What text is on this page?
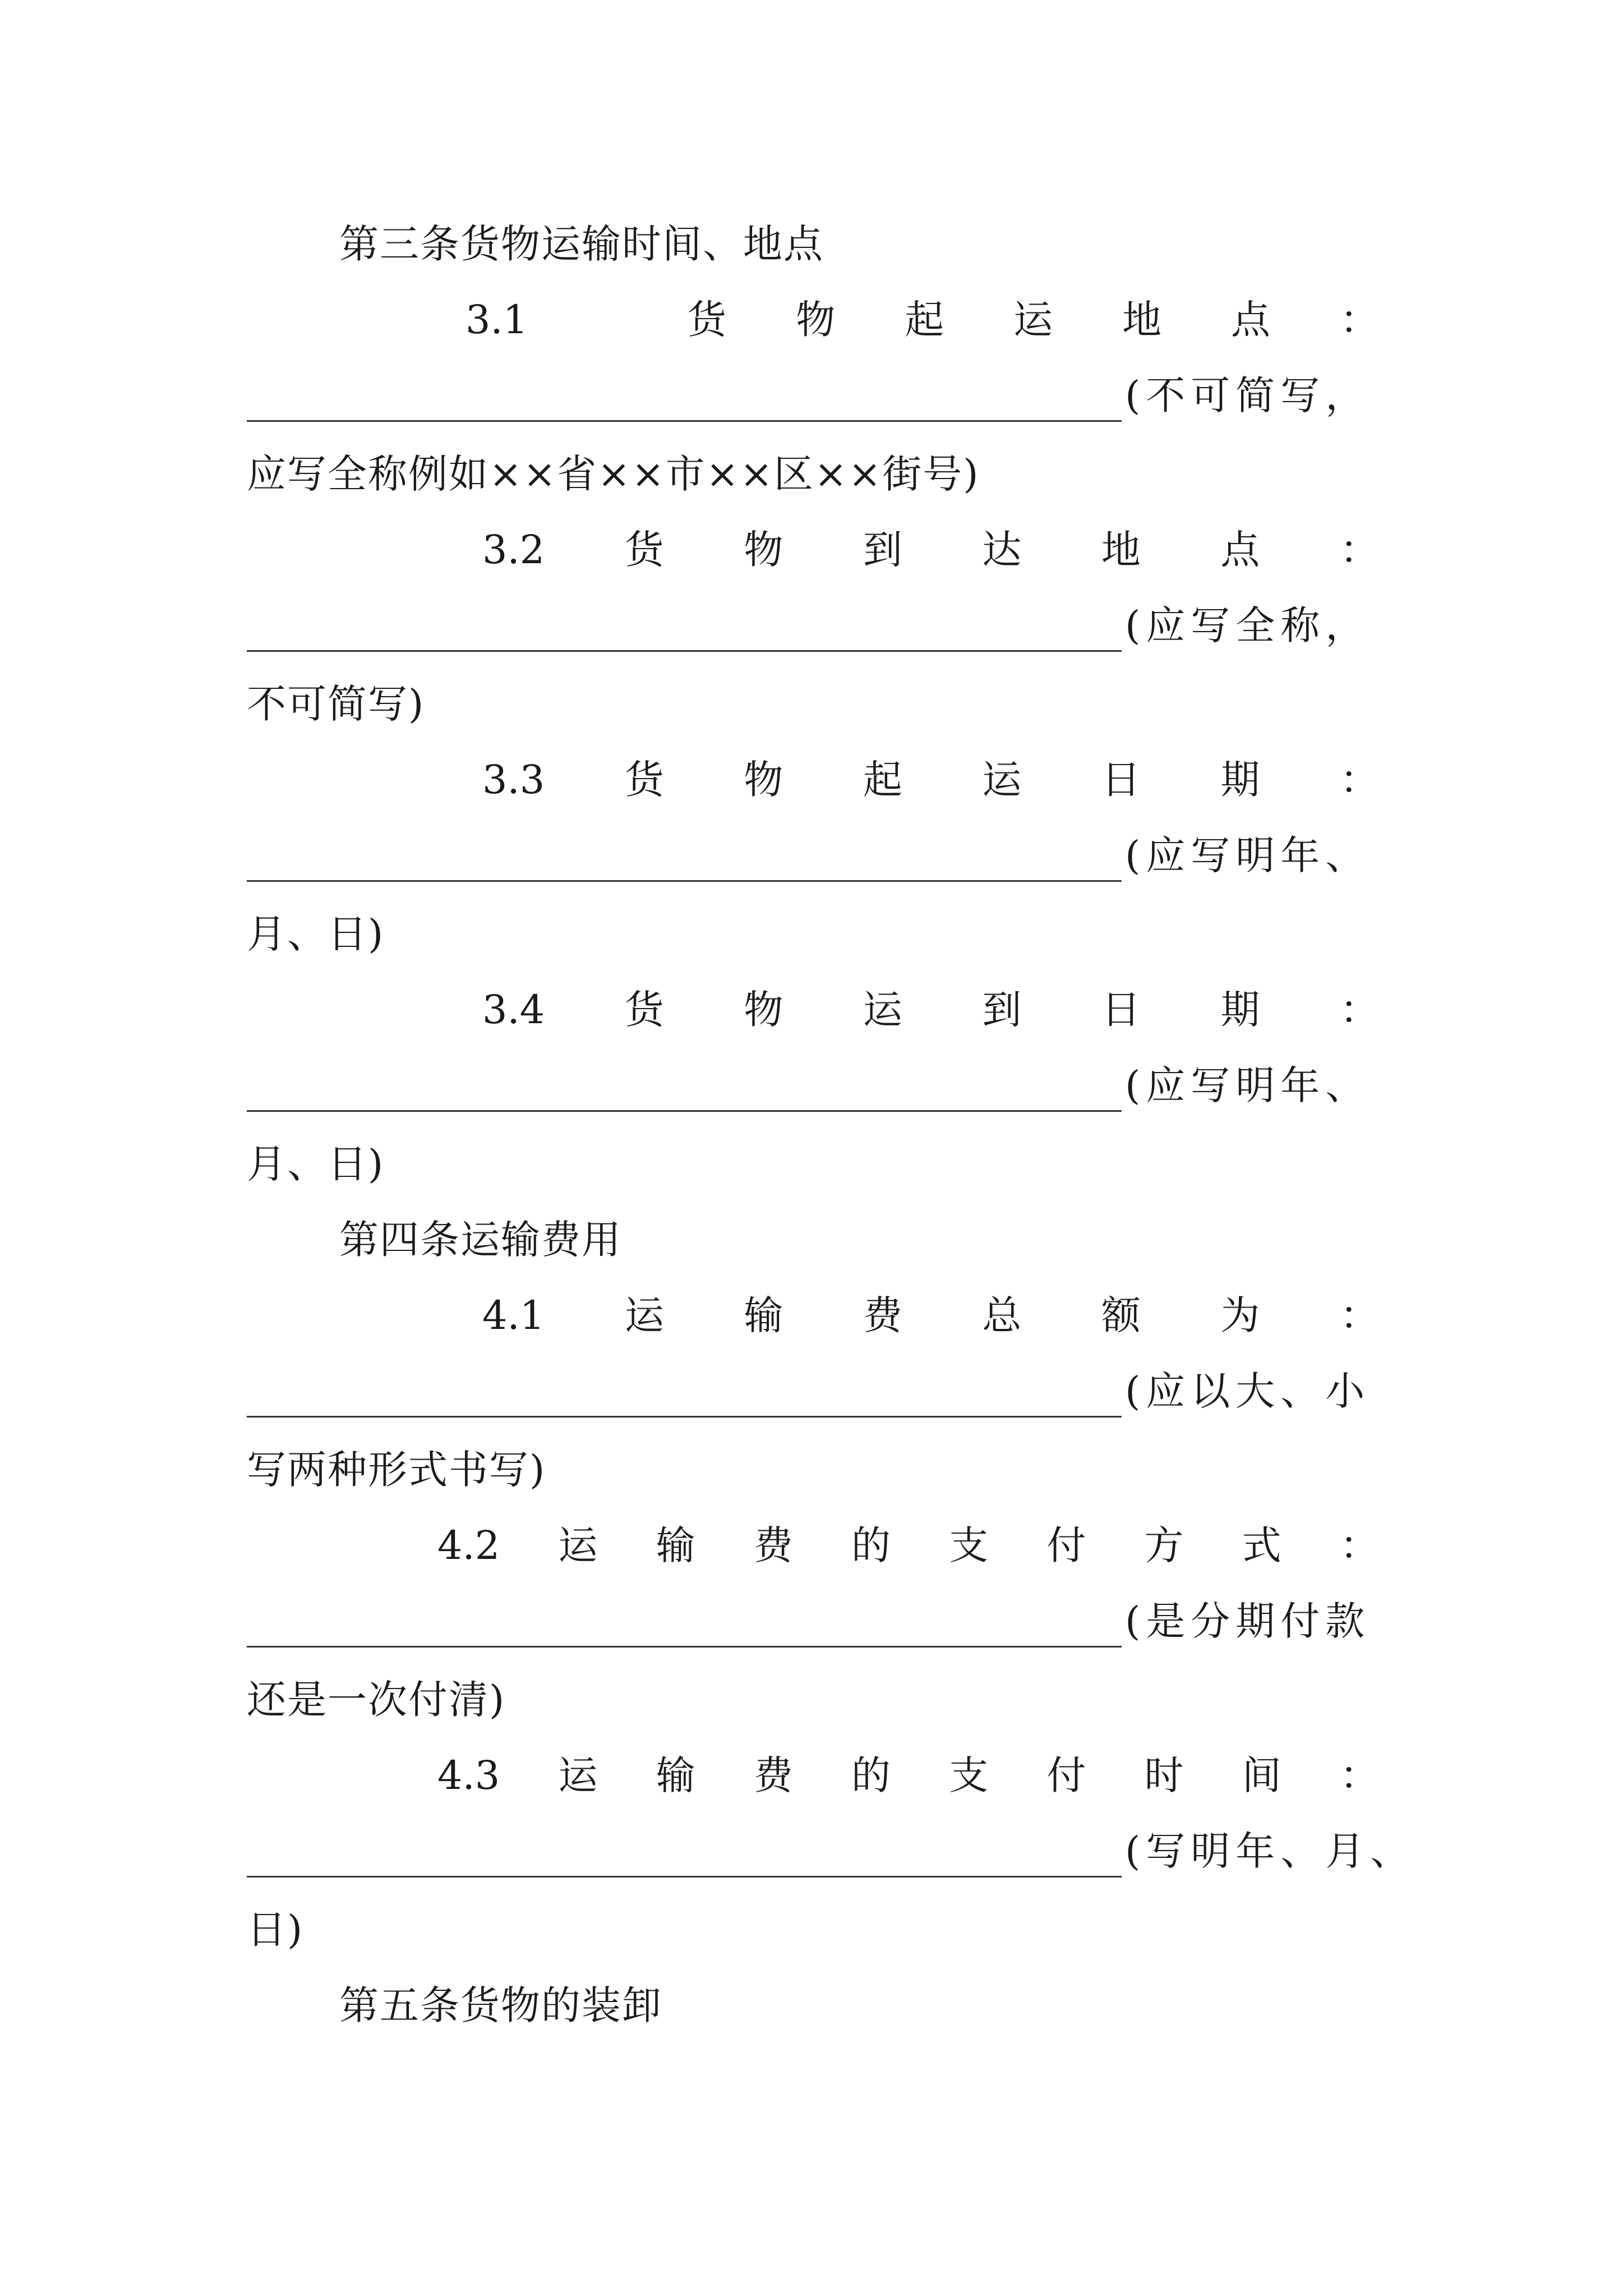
第三条货物运输时间、地点
3.1	货 物 起 运 地 点 ：
(不可简写，
应写全称例如××省××市××区××街号)
3.2 货 物 到 达 地 点 ：
(应写全称，
不可简写)
3.3 货 物 起 运 日 期 ：
(应写明年、
月、日)
3.4 货 物 运 到 日 期 ：
(应写明年、
月、日)
第四条运输费用
4.1 运 输 费 总 额 为 ：
(应以大、小
写两种形式书写)
4.2 运 输 费 的 支 付 方 式 ：
(是分期付款
还是一次付清)
4.3 运 输 费 的 支 付 时 间 ：
(写明年、月、
日)
第五条货物的装卸
